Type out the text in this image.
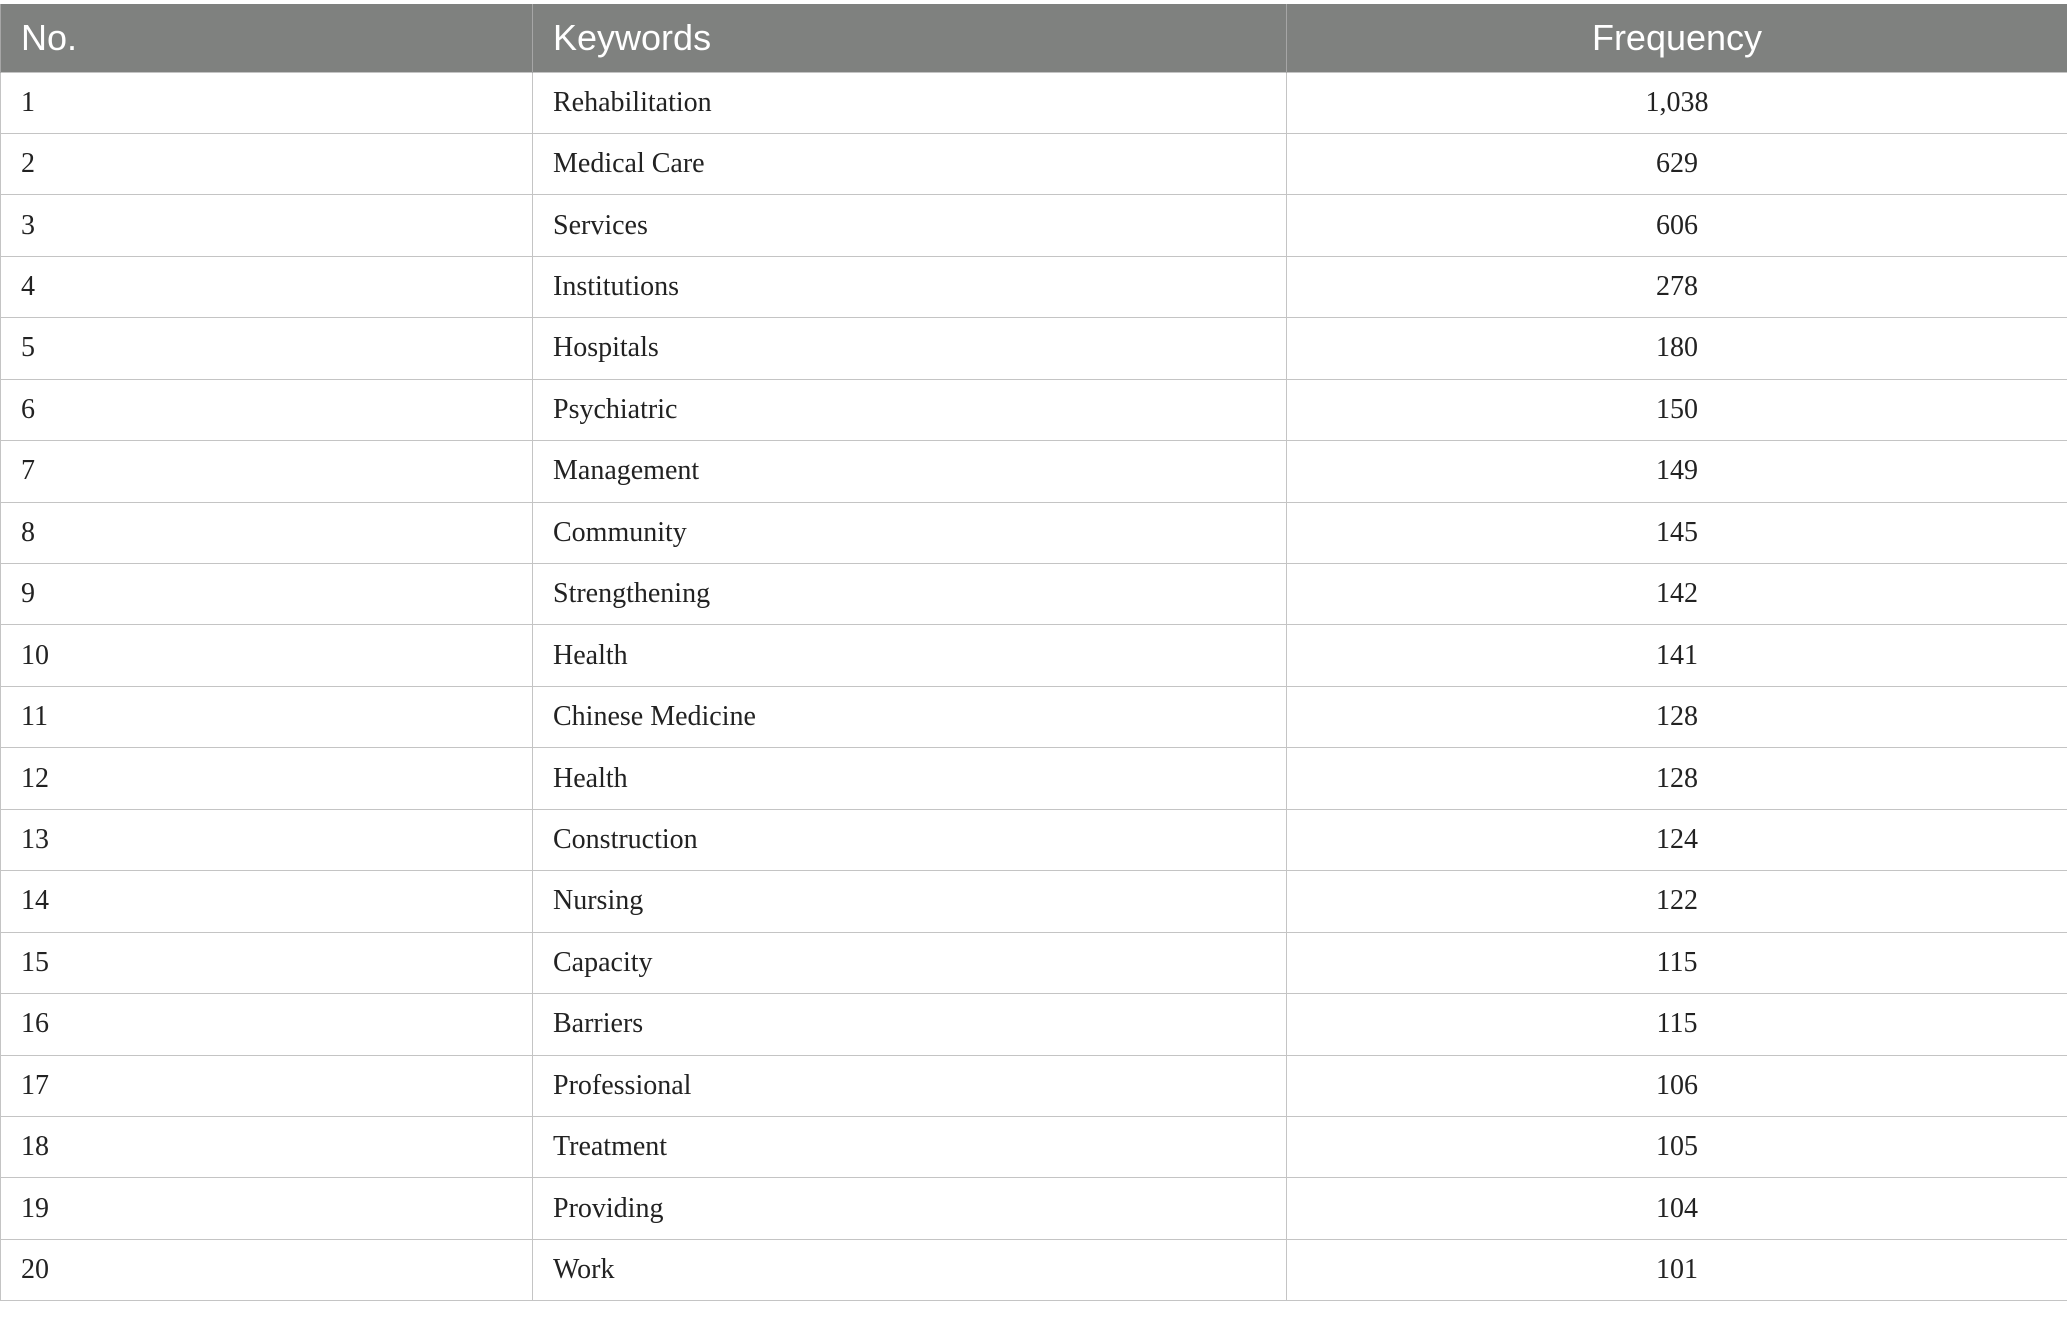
No.	Keywords	Frequency
1	Rehabilitation	1,038
2	Medical Care	629
3	Services	606
4	Institutions	278
5	Hospitals	180
6	Psychiatric	150
7	Management	149
8	Community	145
9	Strengthening	142
10	Health	141
11	Chinese Medicine	128
12	Health	128
13	Construction	124
14	Nursing	122
15	Capacity	115
16	Barriers	115
17	Professional	106
18	Treatment	105
19	Providing	104
20	Work	101
